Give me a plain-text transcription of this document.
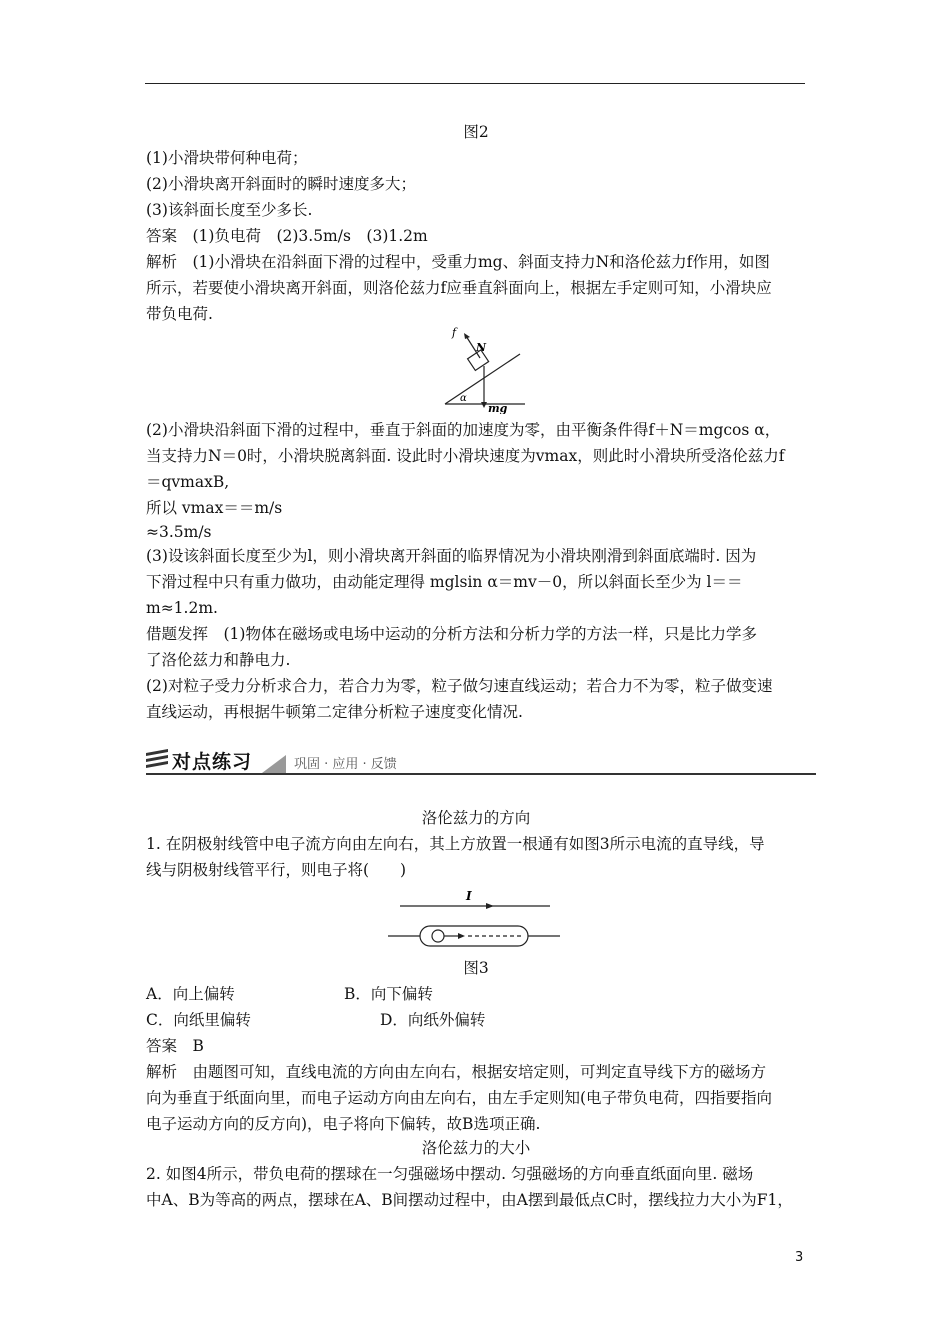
图2
(1)小滑块带何种电荷；
(2)小滑块离开斜面时的瞬时速度多大；
(3)该斜面长度至少多长.
答案　(1)负电荷　(2)3.5m/s　(3)1.2m
解析　(1)小滑块在沿斜面下滑的过程中，受重力mg、斜面支持力N和洛伦兹力f作用，如图
所示，若要使小滑块离开斜面，则洛伦兹力f应垂直斜面向上，根据左手定则可知，小滑块应
带负电荷.
f
N
α
mg
(2)小滑块沿斜面下滑的过程中，垂直于斜面的加速度为零，由平衡条件得f＋N＝mgcos α，
当支持力N＝0时，小滑块脱离斜面. 设此时小滑块速度为vmax，则此时小滑块所受洛伦兹力f
＝qvmaxB,
所以 vmax＝＝m/s
≈3.5m/s
(3)设该斜面长度至少为l，则小滑块离开斜面的临界情况为小滑块刚滑到斜面底端时. 因为
下滑过程中只有重力做功，由动能定理得 mglsin α＝mv－0，所以斜面长至少为 l＝＝
m≈1.2m.
借题发挥　(1)物体在磁场或电场中运动的分析方法和分析力学的方法一样，只是比力学多
了洛伦兹力和静电力.
(2)对粒子受力分析求合力，若合力为零，粒子做匀速直线运动；若合力不为零，粒子做变速
直线运动，再根据牛顿第二定律分析粒子速度变化情况.
对点练习	巩固 · 应用 · 反馈
洛伦兹力的方向
1. 在阴极射线管中电子流方向由左向右，其上方放置一根通有如图3所示电流的直导线，导
线与阴极射线管平行，则电子将(　　)
I
图3
A．向上偏转	B．向下偏转
C．向纸里偏转	D．向纸外偏转
答案　B
解析　由题图可知，直线电流的方向由左向右，根据安培定则，可判定直导线下方的磁场方
向为垂直于纸面向里，而电子运动方向由左向右，由左手定则知(电子带负电荷，四指要指向
电子运动方向的反方向)，电子将向下偏转，故B选项正确.
洛伦兹力的大小
2. 如图4所示，带负电荷的摆球在一匀强磁场中摆动. 匀强磁场的方向垂直纸面向里. 磁场
中A、B为等高的两点，摆球在A、B间摆动过程中，由A摆到最低点C时，摆线拉力大小为F1，
3
